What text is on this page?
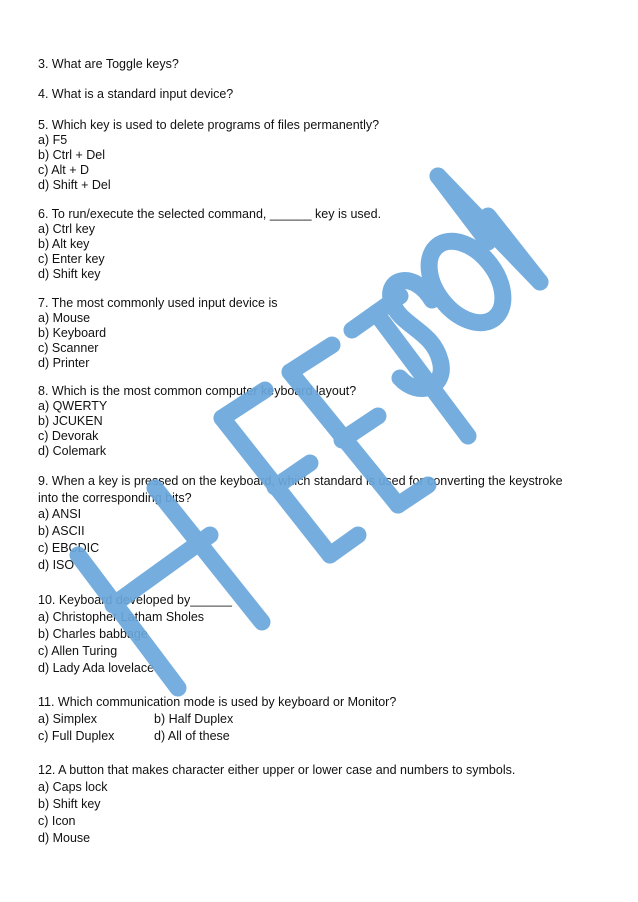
3. What are Toggle keys?

4. What is a standard input device?

5. Which key is used to delete programs of files permanently?

a) F5

b) Ctrl + Del

c) Alt + D

d) Shift + Del

6. To run/execute the selected command, ______ key is used.

a) Ctrl key

b) Alt key

c) Enter key

d) Shift key

7. The most commonly used input device is

a) Mouse

b) Keyboard

c) Scanner

d) Printer

8. Which is the most common computer keyboard layout?

a) QWERTY

b) JCUKEN

c) Devorak

d) Colemark

9. When a key is pressed on the keyboard, which standard is used for converting the keystroke

into the corresponding bits?

a) ANSI

b) ASCII

c) EBCDIC

d) ISO

10. Keyboard developed by______

a) Christopher Latham Sholes

b) Charles babbage

c) Allen Turing

d) Lady Ada lovelace

11. Which communication mode is used by keyboard or Monitor?

a) Simplex	b) Half Duplex
c) Full Duplex	d) All of these

12. A button that makes character either upper or lower case and numbers to symbols.

a) Caps lock

b) Shift key

c) Icon

d) Mouse
